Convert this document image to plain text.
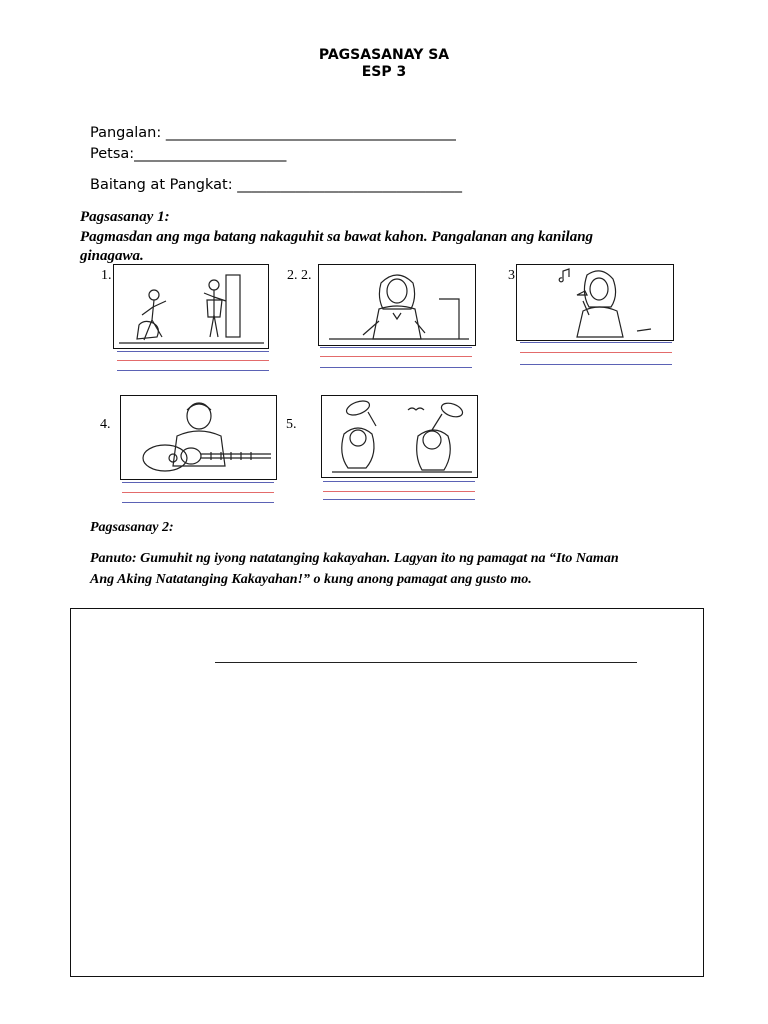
PAGSASANAY SA
ESP 3
Pangalan: ________________________________________
Petsa:_____________________
Baitang at Pangkat: _______________________________
Pagsasanay 1:
Pagmasdan ang mga batang nakaguhit sa bawat kahon. Pangalanan ang kanilang ginagawa.
1.	2. 2.	3
4.	5.
Pagsasanay 2:
Panuto: Gumuhit ng iyong natatanging kakayahan. Lagyan ito ng pamagat na “Ito Naman
Ang Aking Natatanging Kakayahan!” o kung anong pamagat ang gusto mo.
